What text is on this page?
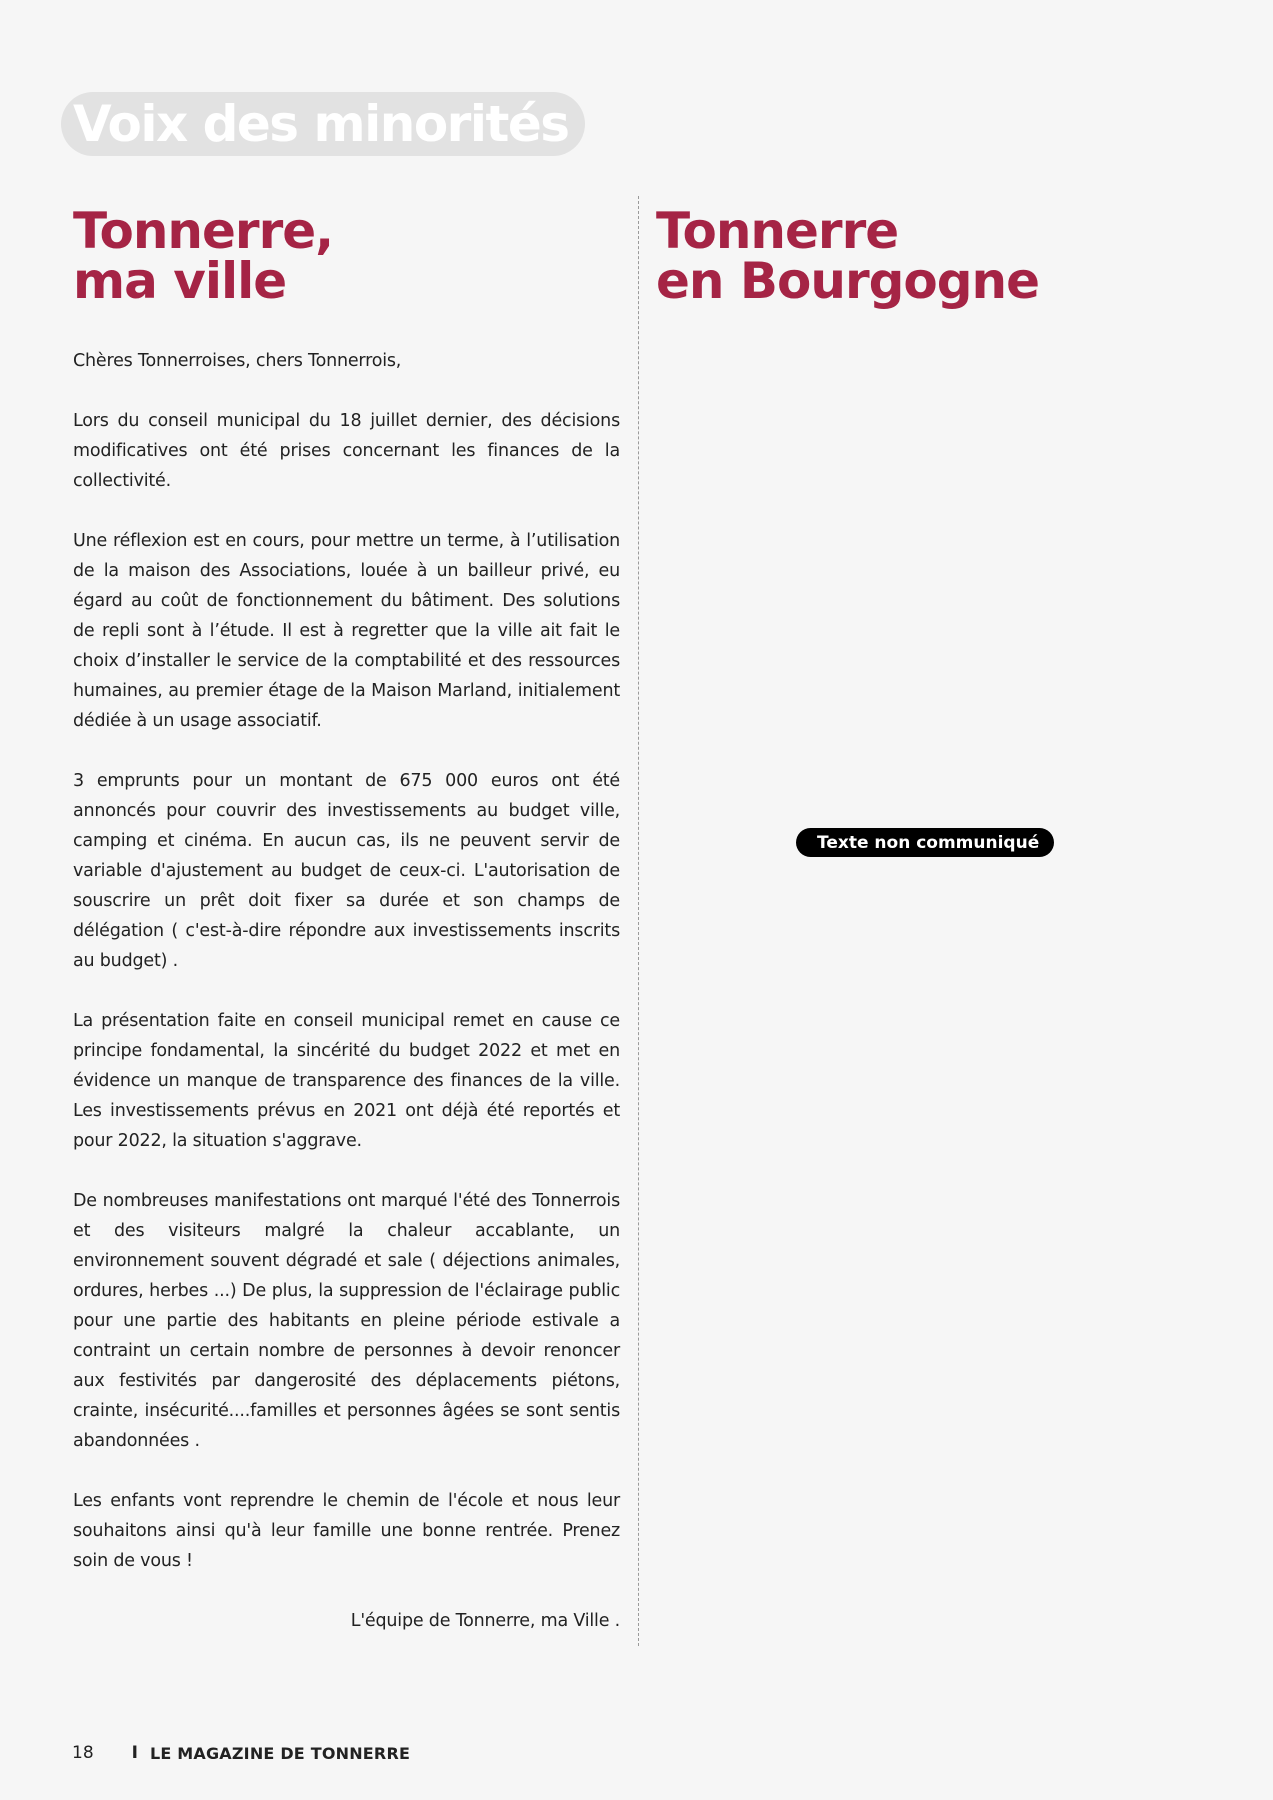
Voix des minorités
Tonnerre,
ma ville
Tonnerre
en Bourgogne

Chères Tonnerroises, chers Tonnerrois,

Lors du conseil municipal du 18 juillet dernier, des décisions modificatives ont été prises concernant les finances de la collectivité.

Une réflexion est en cours, pour mettre un terme, à l’utilisation de la maison des Associations, louée à un bailleur privé, eu égard au coût de fonctionnement du bâtiment. Des solutions de repli sont à l’étude. Il est à regretter que la ville ait fait le choix d’installer le service de la comptabilité et des ressources humaines, au premier étage de la Maison Marland, initialement dédiée à un usage associatif.

3 emprunts pour un montant de 675 000 euros ont été annoncés pour couvrir des investissements au budget ville, camping et cinéma. En aucun cas, ils ne peuvent servir de variable d'ajustement au budget de ceux-ci. L'autorisation de souscrire un prêt doit fixer sa durée et son champs de délégation ( c'est-à-dire répondre aux investissements inscrits au budget) .

La présentation faite en conseil municipal remet en cause ce principe fondamental, la sincérité du budget 2022 et met en évidence un manque de transparence des finances de la ville. Les investissements prévus en 2021 ont déjà été reportés et pour 2022, la situation s'aggrave.

De nombreuses manifestations ont marqué l'été des Tonnerrois et des visiteurs malgré la chaleur accablante, un environnement souvent dégradé et sale ( déjections animales, ordures, herbes ...) De plus, la suppression de l'éclairage public pour une partie des habitants en pleine période estivale a contraint un certain nombre de personnes à devoir renoncer aux festivités par dangerosité des déplacements piétons, crainte, insécurité....familles et personnes âgées se sont sentis abandonnées .

Les enfants vont reprendre le chemin de l'école et nous leur souhaitons ainsi qu'à leur famille une bonne rentrée. Prenez soin de vous !

L'équipe de Tonnerre, ma Ville .

Texte non communiqué
18 I LE MAGAZINE DE TONNERRE
